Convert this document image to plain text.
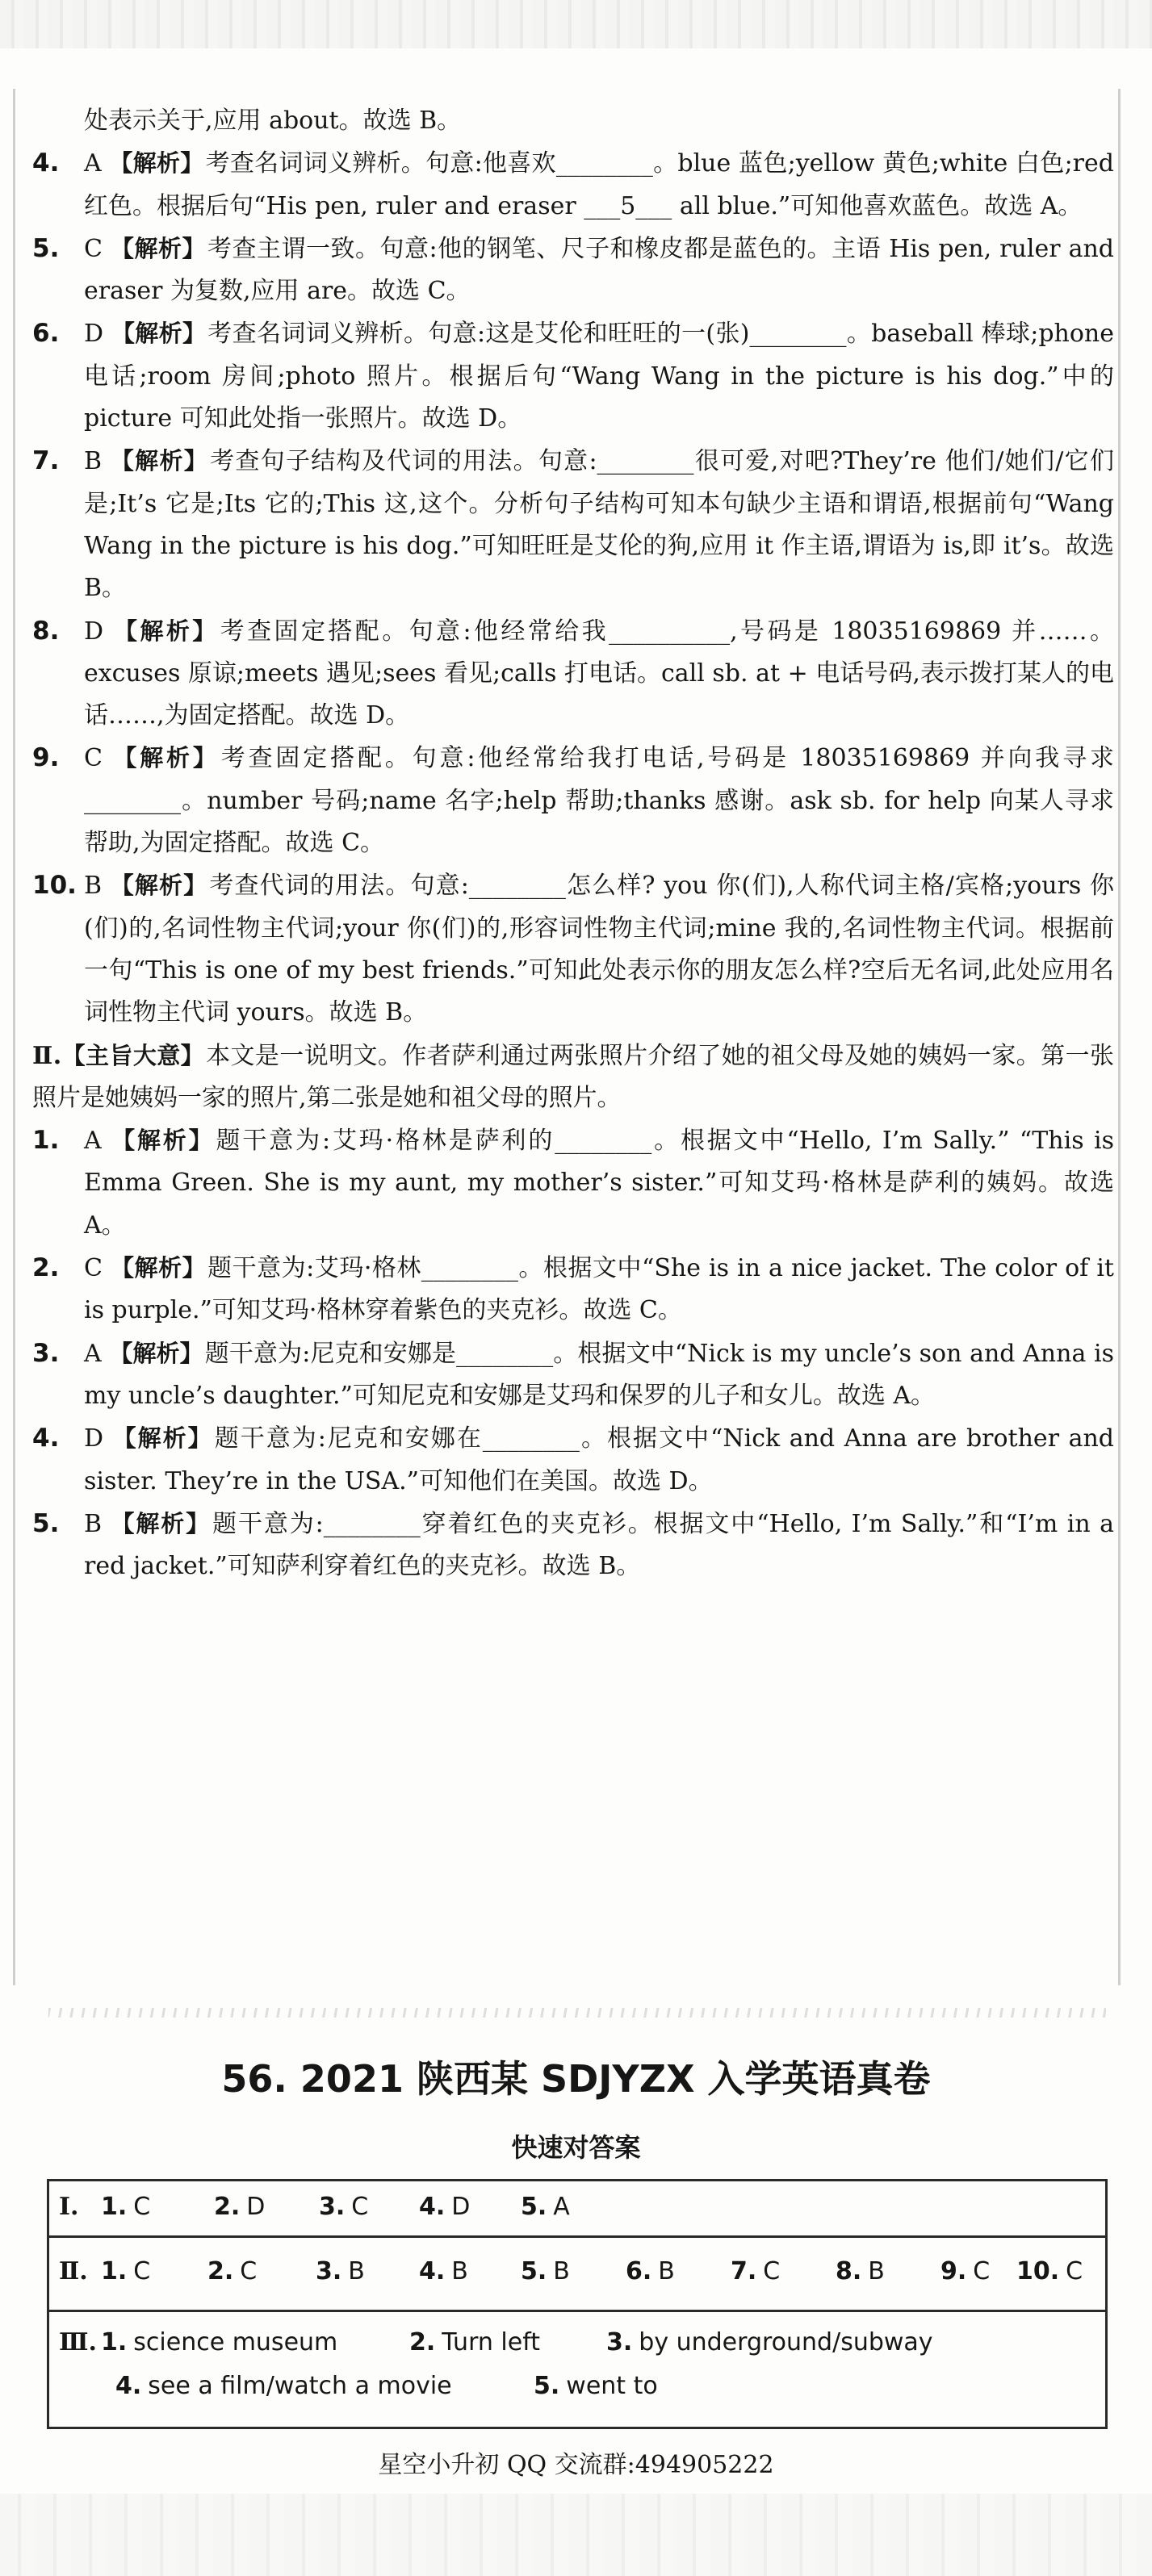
处表示关于,应用 about。故选 B。
4.	A 【解析】考查名词词义辨析。句意:他喜欢________。blue 蓝色;yellow 黄色;white 白色;red 红色。根据后句“His pen, ruler and eraser ___5___ all blue.”可知他喜欢蓝色。故选 A。
5.	C 【解析】考查主谓一致。句意:他的钢笔、尺子和橡皮都是蓝色的。主语 His pen, ruler and eraser 为复数,应用 are。故选 C。
6.	D 【解析】考查名词词义辨析。句意:这是艾伦和旺旺的一(张)________。baseball 棒球;phone 电话;room 房间;photo 照片。根据后句“Wang Wang in the picture is his dog.”中的 picture 可知此处指一张照片。故选 D。
7.	B 【解析】考查句子结构及代词的用法。句意:________很可爱,对吧?They’re 他们/她们/它们是;It’s 它是;Its 它的;This 这,这个。分析句子结构可知本句缺少主语和谓语,根据前句“Wang Wang in the picture is his dog.”可知旺旺是艾伦的狗,应用 it 作主语,谓语为 is,即 it’s。故选 B。
8.	D 【解析】考查固定搭配。句意:他经常给我__________,号码是 18035169869 并……。excuses 原谅;meets 遇见;sees 看见;calls 打电话。call sb. at + 电话号码,表示拨打某人的电话……,为固定搭配。故选 D。
9.	C 【解析】考查固定搭配。句意:他经常给我打电话,号码是 18035169869 并向我寻求________。number 号码;name 名字;help 帮助;thanks 感谢。ask sb. for help 向某人寻求帮助,为固定搭配。故选 C。
10. B 【解析】考查代词的用法。句意:________怎么样? you 你(们),人称代词主格/宾格;yours 你(们)的,名词性物主代词;your 你(们)的,形容词性物主代词;mine 我的,名词性物主代词。根据前一句“This is one of my best friends.”可知此处表示你的朋友怎么样?空后无名词,此处应用名词性物主代词 yours。故选 B。
Ⅱ.【主旨大意】本文是一说明文。作者萨利通过两张照片介绍了她的祖父母及她的姨妈一家。第一张照片是她姨妈一家的照片,第二张是她和祖父母的照片。
1.	A 【解析】题干意为:艾玛·格林是萨利的________。根据文中“Hello, I’m Sally.” “This is Emma Green. She is my aunt, my mother’s sister.”可知艾玛·格林是萨利的姨妈。故选 A。
2.	C 【解析】题干意为:艾玛·格林________。根据文中“She is in a nice jacket. The color of it is purple.”可知艾玛·格林穿着紫色的夹克衫。故选 C。
3.	A 【解析】题干意为:尼克和安娜是________。根据文中“Nick is my uncle’s son and Anna is my uncle’s daughter.”可知尼克和安娜是艾玛和保罗的儿子和女儿。故选 A。
4.	D 【解析】题干意为:尼克和安娜在________。根据文中“Nick and Anna are brother and sister. They’re in the USA.”可知他们在美国。故选 D。
5.	B 【解析】题干意为:________穿着红色的夹克衫。根据文中“Hello, I’m Sally.”和“I’m in a red jacket.”可知萨利穿着红色的夹克衫。故选 B。
56. 2021 陕西某 SDJYZX 入学英语真卷
快速对答案
Ⅰ. 1. C	2. D 3. C 4. D 5. A
Ⅱ. 1. C 2. C 3. B 4. B 5. B 6. B 7. C 8. B 9. C 10. C
Ⅲ. 1. science museum	2. Turn left	3. by underground/subway
4. see a film/watch a movie	5. went to
星空小升初 QQ 交流群:494905222
